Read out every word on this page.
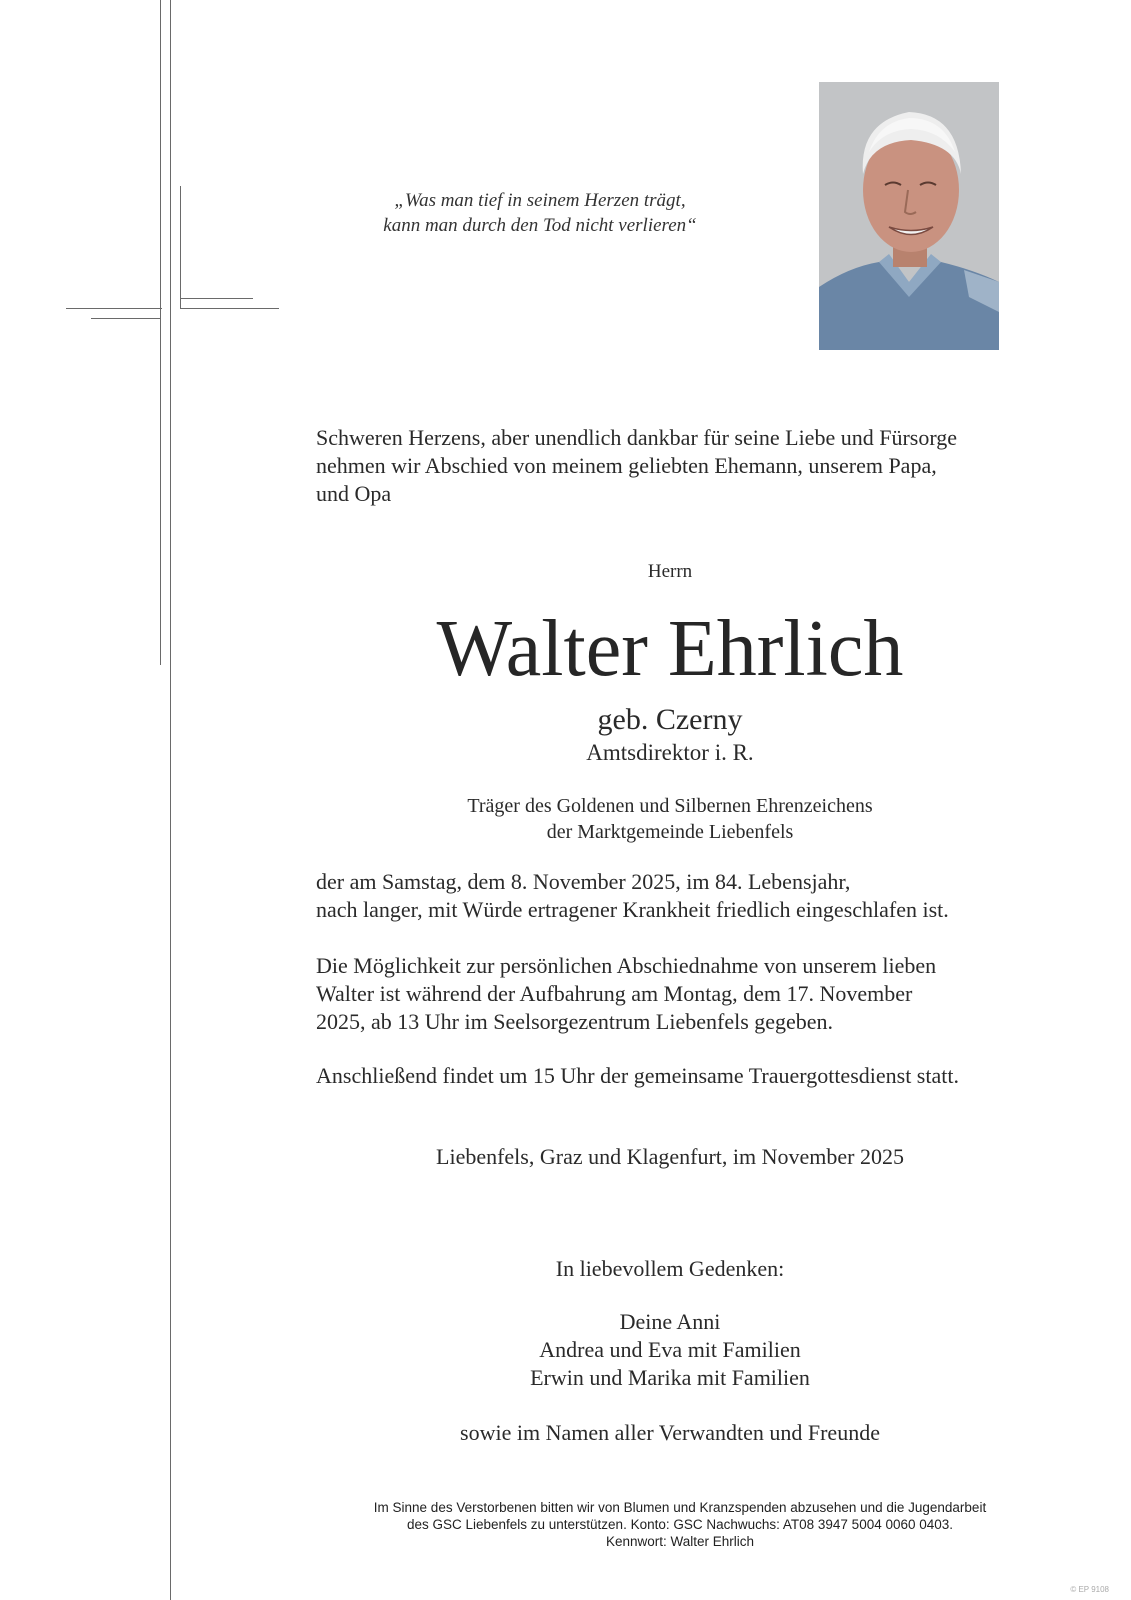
„Was man tief in seinem Herzen trägt,
kann man durch den Tod nicht verlieren“
Schweren Herzens, aber unendlich dankbar für seine Liebe und Fürsorge
nehmen wir Abschied von meinem geliebten Ehemann, unserem Papa,
und Opa
Herrn
Walter Ehrlich
geb. Czerny
Amtsdirektor i. R.
Träger des Goldenen und Silbernen Ehrenzeichens
der Marktgemeinde Liebenfels
der am Samstag, dem 8. November 2025, im 84. Lebensjahr,
nach langer, mit Würde ertragener Krankheit friedlich eingeschlafen ist.
Die Möglichkeit zur persönlichen Abschiednahme von unserem lieben
Walter ist während der Aufbahrung am Montag, dem 17. November
2025, ab 13 Uhr im Seelsorgezentrum Liebenfels gegeben.
Anschließend findet um 15 Uhr der gemeinsame Trauergottesdienst statt.
Liebenfels, Graz und Klagenfurt, im November 2025
In liebevollem Gedenken:
Deine Anni
Andrea und Eva mit Familien
Erwin und Marika mit Familien
sowie im Namen aller Verwandten und Freunde
Im Sinne des Verstorbenen bitten wir von Blumen und Kranzspenden abzusehen und die Jugendarbeit
des GSC Liebenfels zu unterstützen. Konto: GSC Nachwuchs: AT08 3947 5004 0060 0403.
Kennwort: Walter Ehrlich
© EP 9108
